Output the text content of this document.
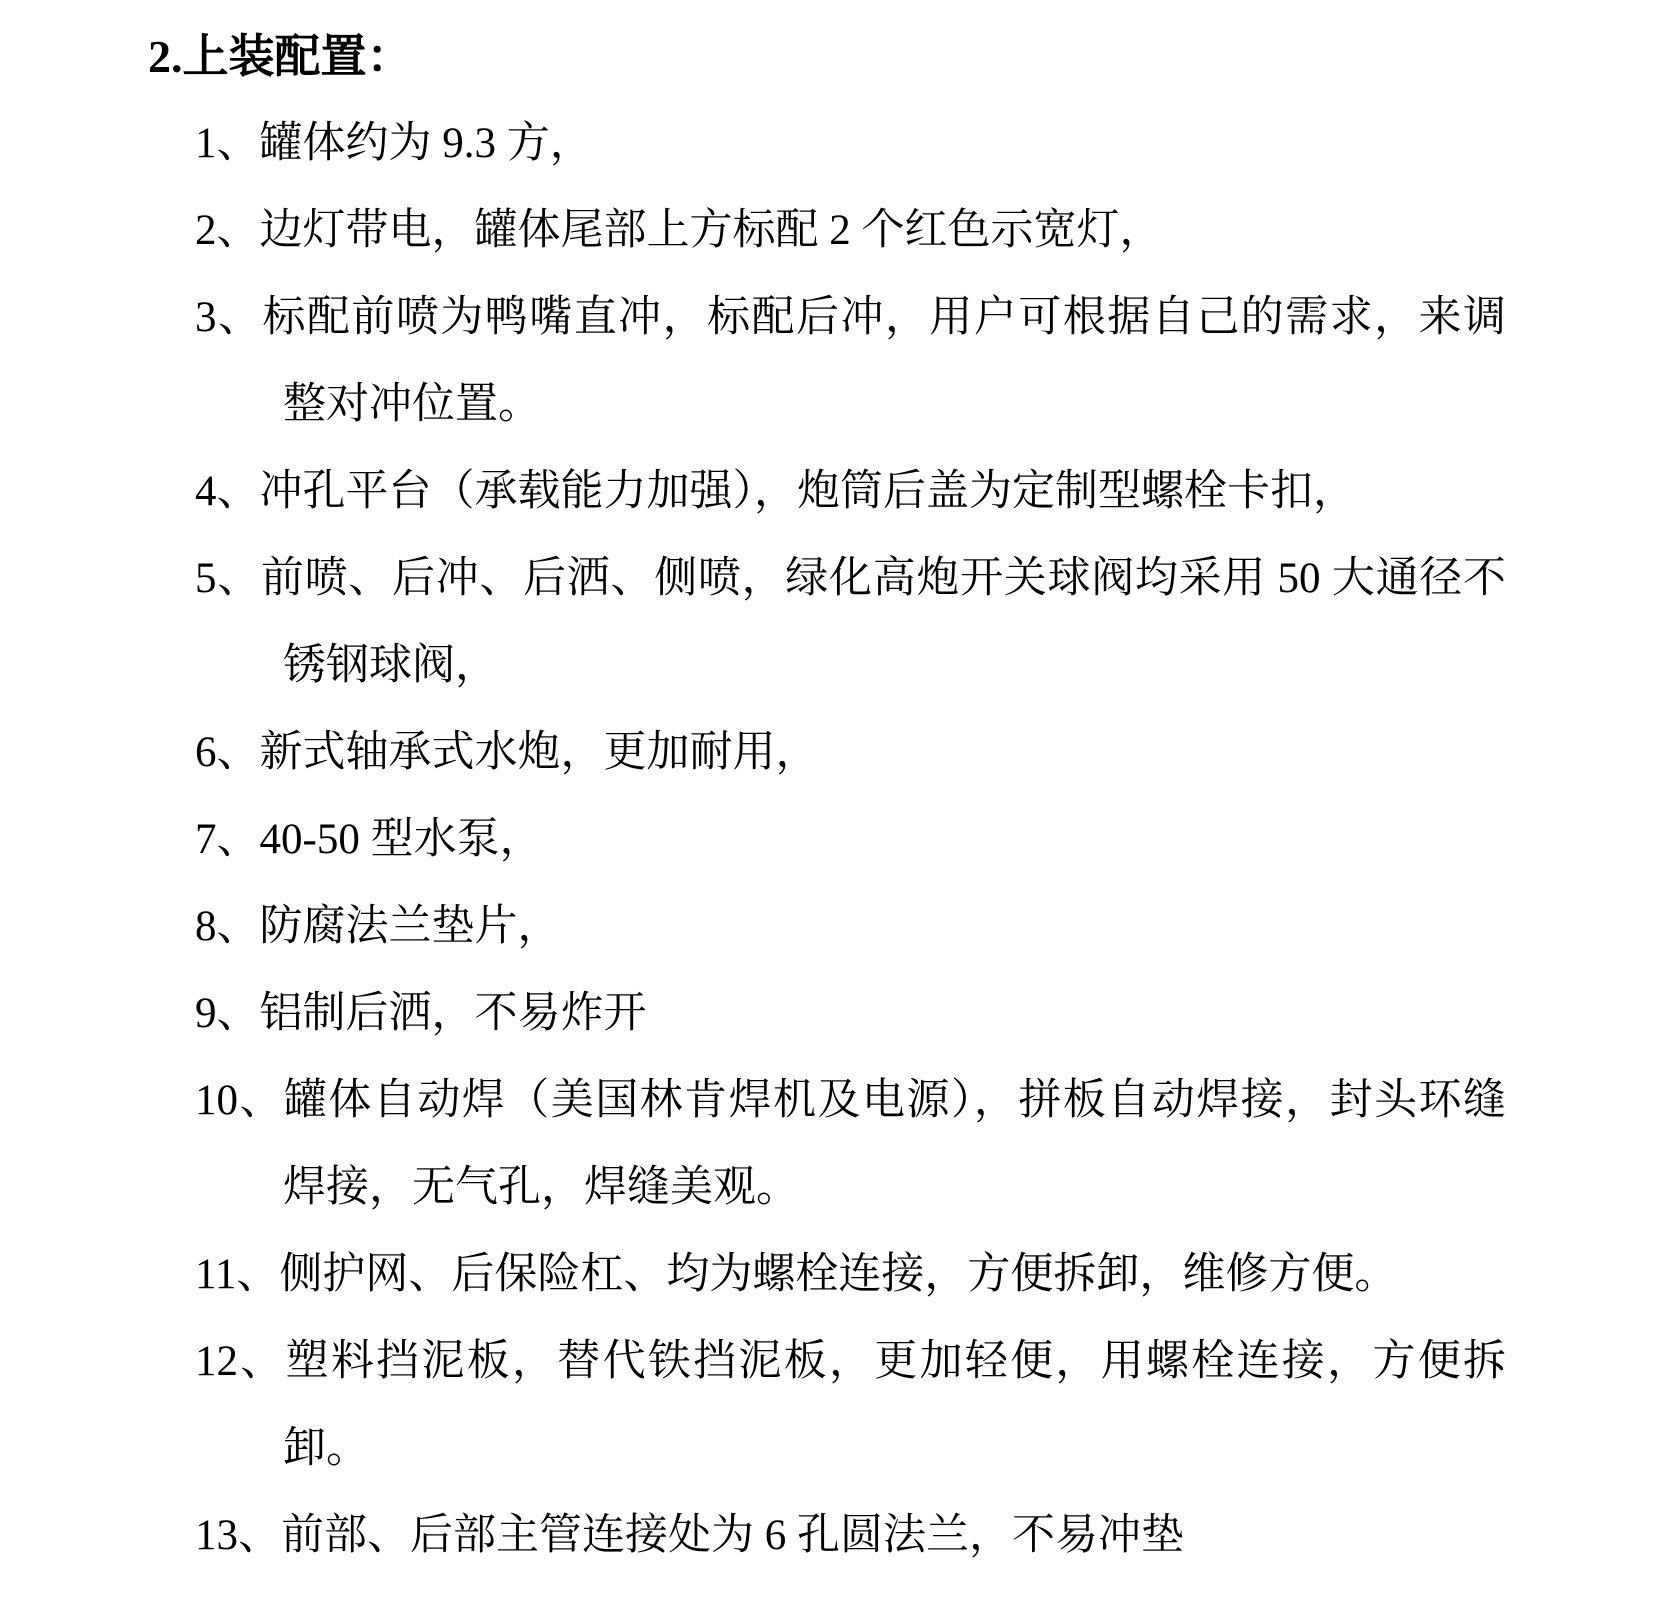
2.上装配置：
1、罐体约为 9.3 方，
2、边灯带电，罐体尾部上方标配 2 个红色示宽灯，
3、标配前喷为鸭嘴直冲，标配后冲，用户可根据自己的需求，来调整对冲位置。
4、冲孔平台（承载能力加强），炮筒后盖为定制型螺栓卡扣，
5、前喷、后冲、后洒、侧喷，绿化高炮开关球阀均采用 50 大通径不锈钢球阀，
6、新式轴承式水炮，更加耐用，
7、40-50 型水泵，
8、防腐法兰垫片，
9、铝制后洒，不易炸开
10、罐体自动焊（美国林肯焊机及电源），拼板自动焊接，封头环缝焊接，无气孔，焊缝美观。
11、侧护网、后保险杠、均为螺栓连接，方便拆卸，维修方便。
12、塑料挡泥板，替代铁挡泥板，更加轻便，用螺栓连接，方便拆卸。
13、前部、后部主管连接处为 6 孔圆法兰，不易冲垫
